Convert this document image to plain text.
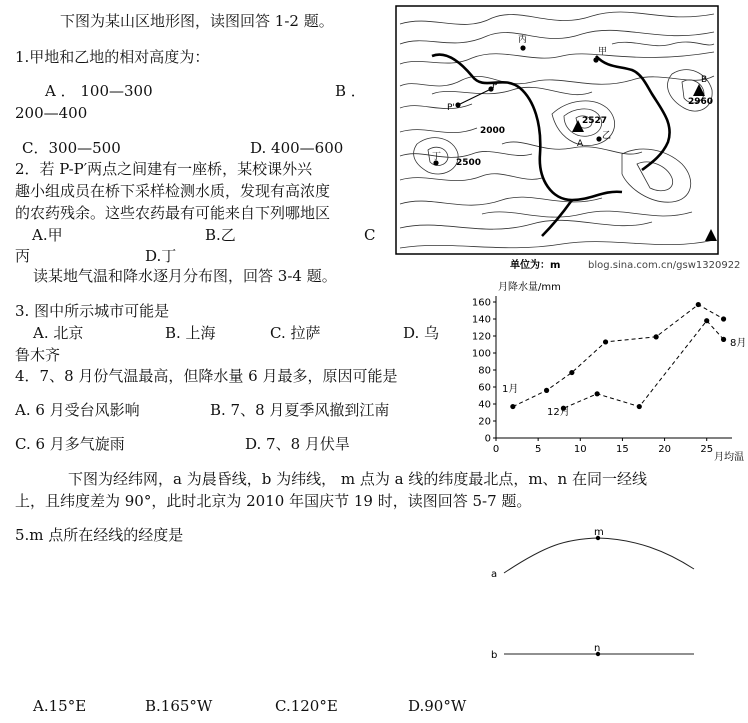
下图为某山区地形图，读图回答 1-2 题。
1.甲地和乙地的相对高度为：
A ． 100—300	B ．
200—400
C．300—500	D. 400—600
2．若 P-P′两点之间建有一座桥，某校课外兴
趣小组成员在桥下采样检测水质，发现有高浓度
的农药残余。这些农药最有可能来自下列哪地区
A.甲	B.乙	C
丙	D.丁
读某地气温和降水逐月分布图，回答 3-4 题。
3. 图中所示城市可能是
A. 北京	B. 上海	C. 拉萨	D. 乌
鲁木齐
4．7、8 月份气温最高，但降水量 6 月最多，原因可能是
A. 6 月受台风影响	B. 7、8 月夏季风撤到江南
C. 6 月多气旋雨	D. 7、8 月伏旱
下图为经纬网，a 为晨昏线，b 为纬线， m 点为 a 线的纬度最北点，m、n 在同一经线
上，且纬度差为 90°，此时北京为 2010 年国庆节 19 时，读图回答 5-7 题。
5.m 点所在经线的经度是
A.15°E	B.165°W	C.120°E	D.90°W
丙
甲
P
P'
乙
丁
A
B
2527
2960
2000
2500
单位为：m	blog.sina.com.cn/gsw1320922
月降水量/mm
月均温
0
20
40
60
80
100
120
140
160
0	5	10	15	20	25
1月
8月
12月
a
b
m
n
